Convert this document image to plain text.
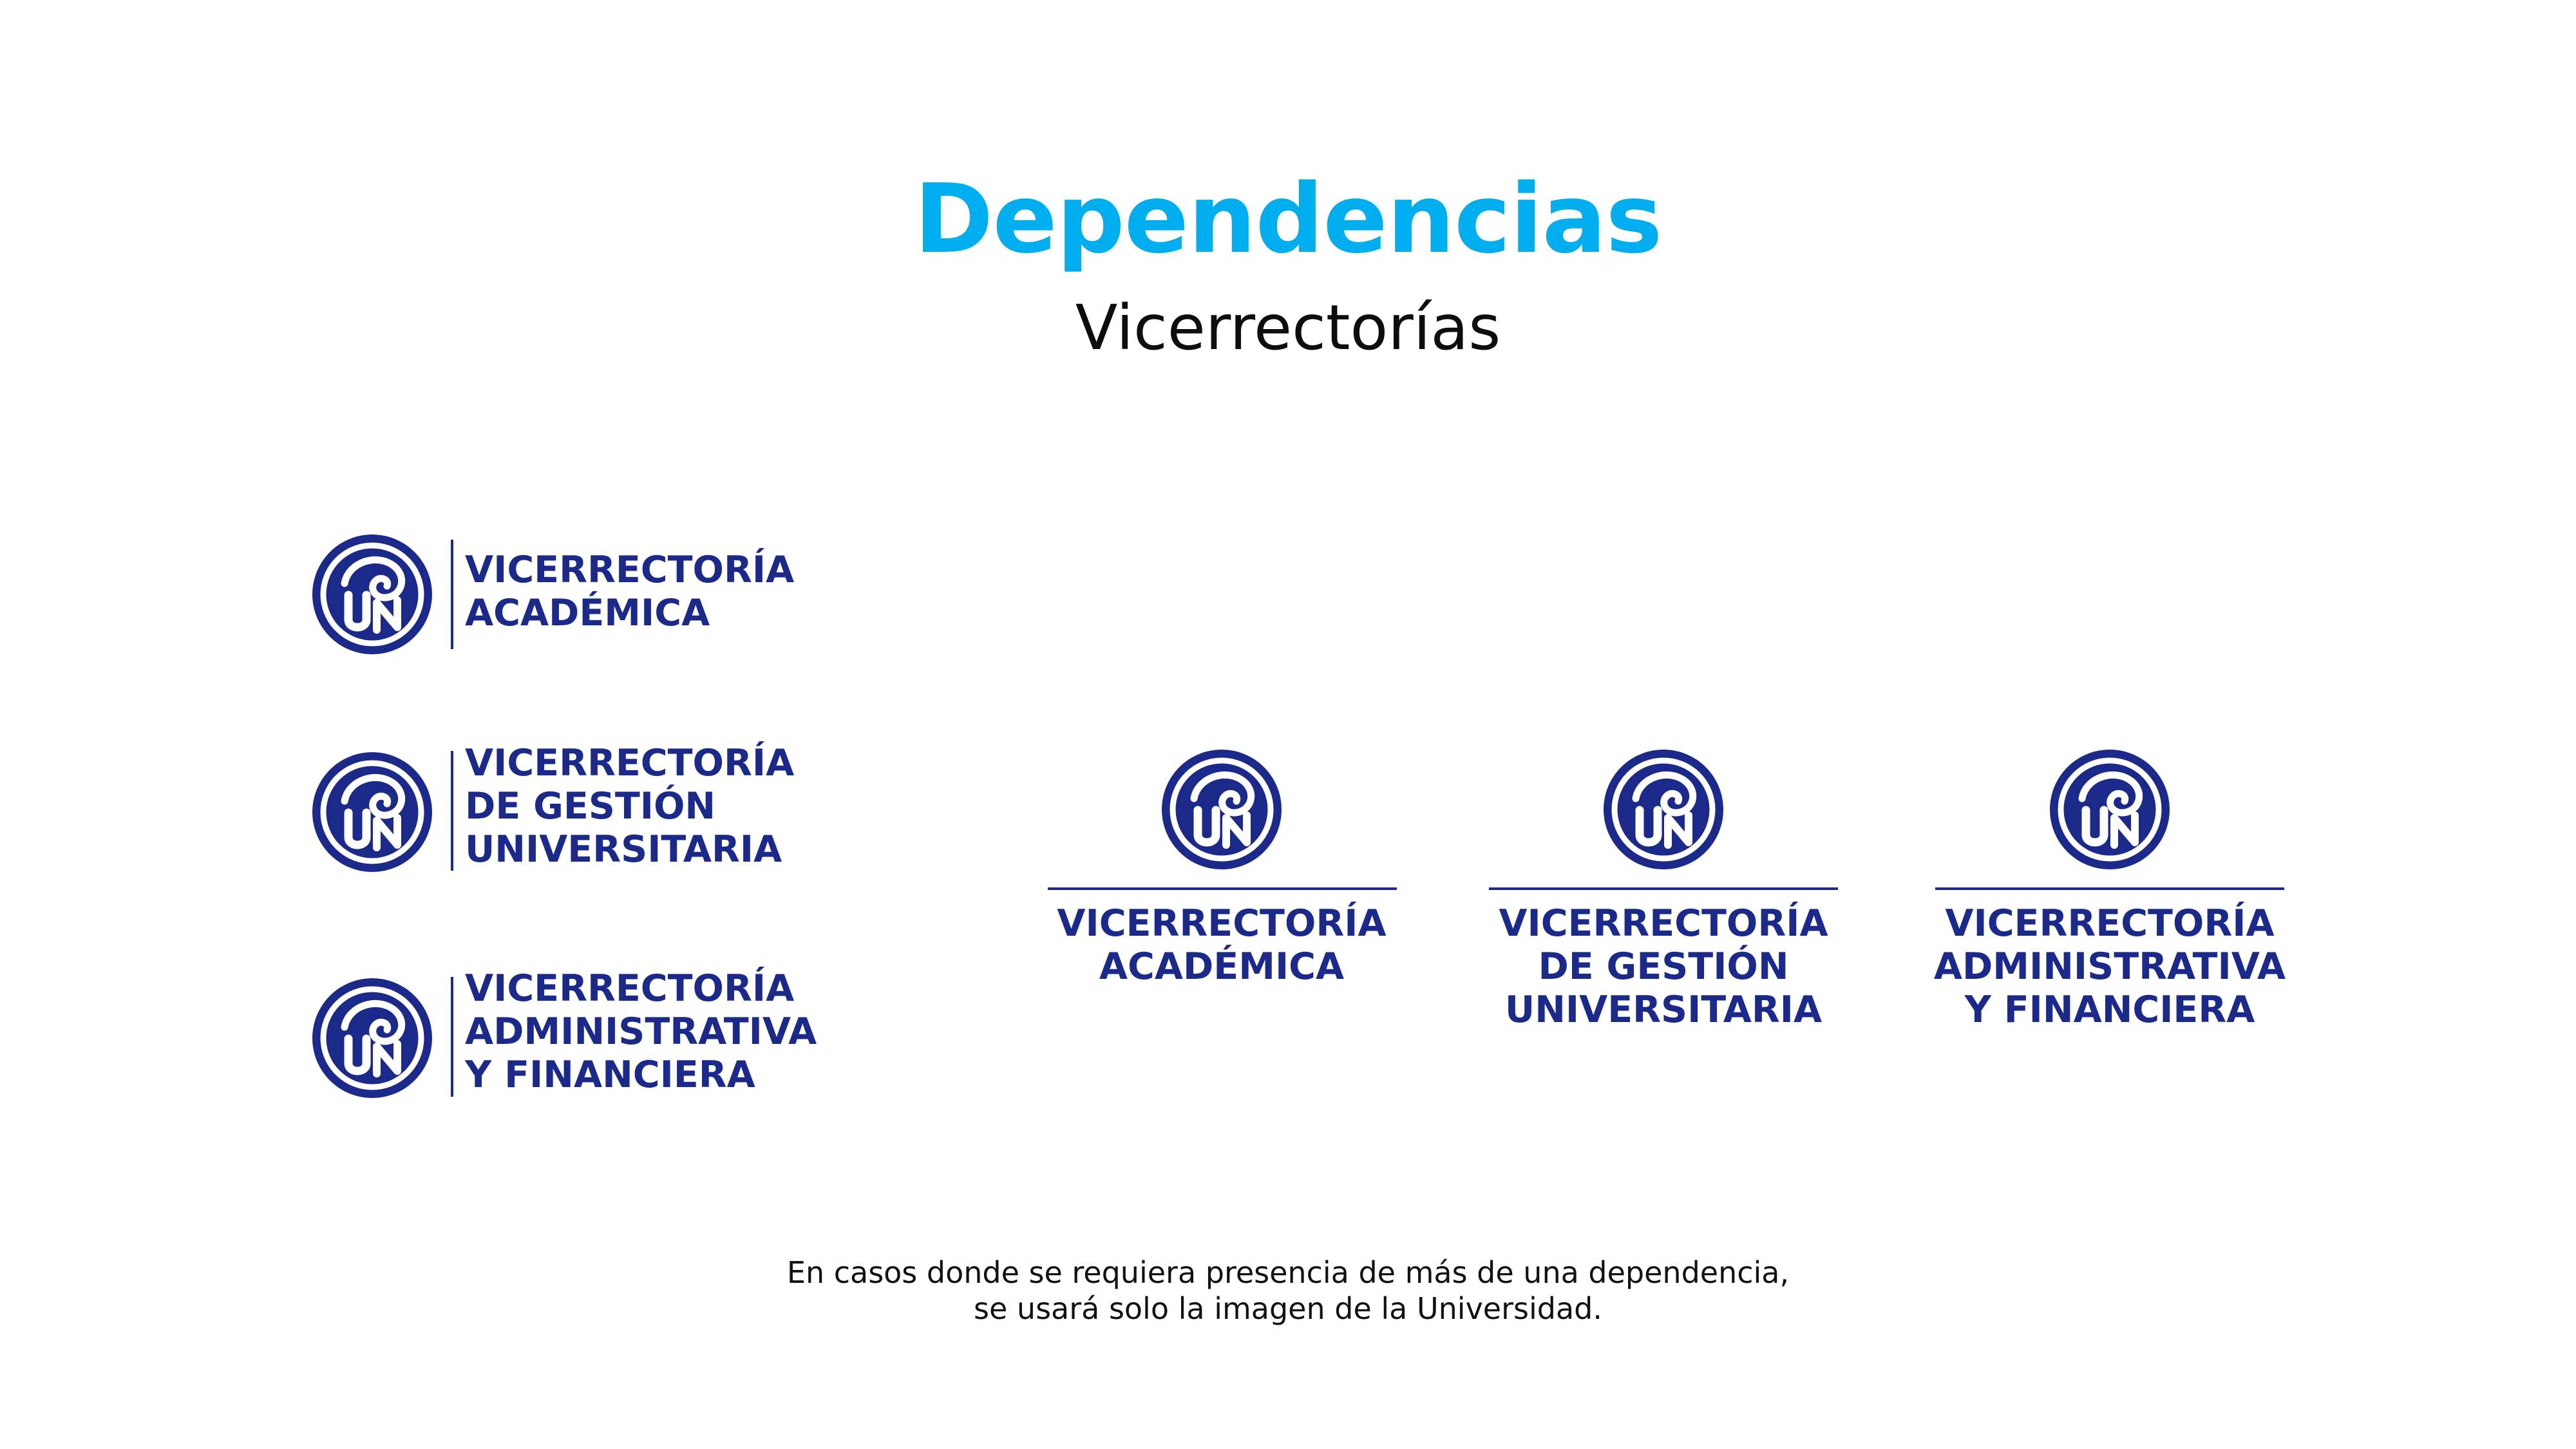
Dependencias
Vicerrectorías
VICERRECTORÍA
ACADÉMICA
VICERRECTORÍA
DE GESTIÓN
UNIVERSITARIA
VICERRECTORÍA
ADMINISTRATIVA
Y FINANCIERA
VICERRECTORÍA
ACADÉMICA
VICERRECTORÍA
DE GESTIÓN
UNIVERSITARIA
VICERRECTORÍA
ADMINISTRATIVA
Y FINANCIERA
En casos donde se requiera presencia de más de una dependencia,
se usará solo la imagen de la Universidad.
